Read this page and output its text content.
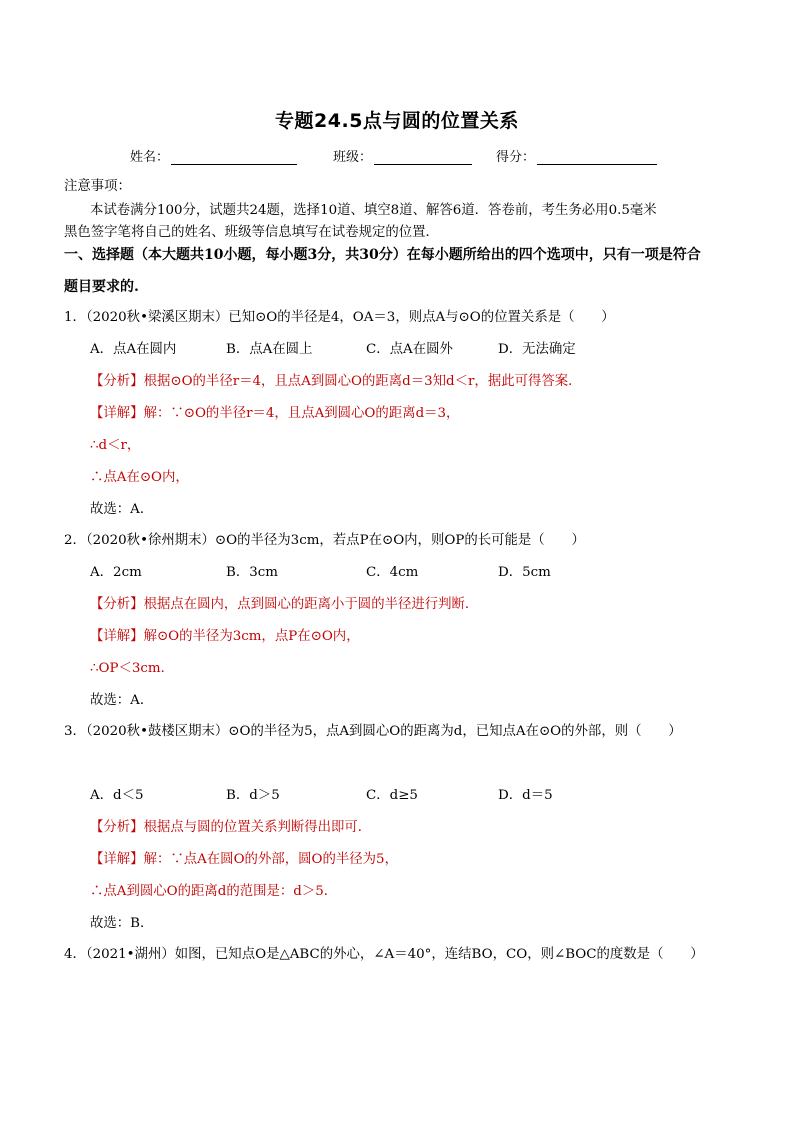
专题24.5点与圆的位置关系
姓名：	班级：	得分：
注意事项：
本试卷满分100分，试题共24题，选择10道、填空8道、解答6道．答卷前，考生务必用0.5毫米
黑色签字笔将自己的姓名、班级等信息填写在试卷规定的位置．
一、选择题（本大题共10小题，每小题3分，共30分）在每小题所给出的四个选项中，只有一项是符合
题目要求的.
1．（2020秋•梁溪区期末）已知⊙O的半径是4，OA＝3，则点A与⊙O的位置关系是（　　）
A．点A在圆内	B．点A在圆上	C．点A在圆外	D．无法确定
【分析】根据⊙O的半径r＝4，且点A到圆心O的距离d＝3知d＜r，据此可得答案．
【详解】解：∵⊙O的半径r＝4，且点A到圆心O的距离d＝3，
∴d＜r，
∴点A在⊙O内，
故选：A．
2．（2020秋•徐州期末）⊙O的半径为3cm，若点P在⊙O内，则OP的长可能是（　　）
A．2cm	B．3cm	C．4cm	D．5cm
【分析】根据点在圆内，点到圆心的距离小于圆的半径进行判断．
【详解】解⊙O的半径为3cm，点P在⊙O内，
∴OP＜3cm．
故选：A．
3．（2020秋•鼓楼区期末）⊙O的半径为5，点A到圆心O的距离为d，已知点A在⊙O的外部，则（　　）
A．d＜5	B．d＞5	C．d≥5	D．d＝5
【分析】根据点与圆的位置关系判断得出即可．
【详解】解：∵点A在圆O的外部，圆O的半径为5，
∴点A到圆心O的距离d的范围是：d＞5．
故选：B．
4．（2021•湖州）如图，已知点O是△ABC的外心，∠A＝40°，连结BO，CO，则∠BOC的度数是（　　）
